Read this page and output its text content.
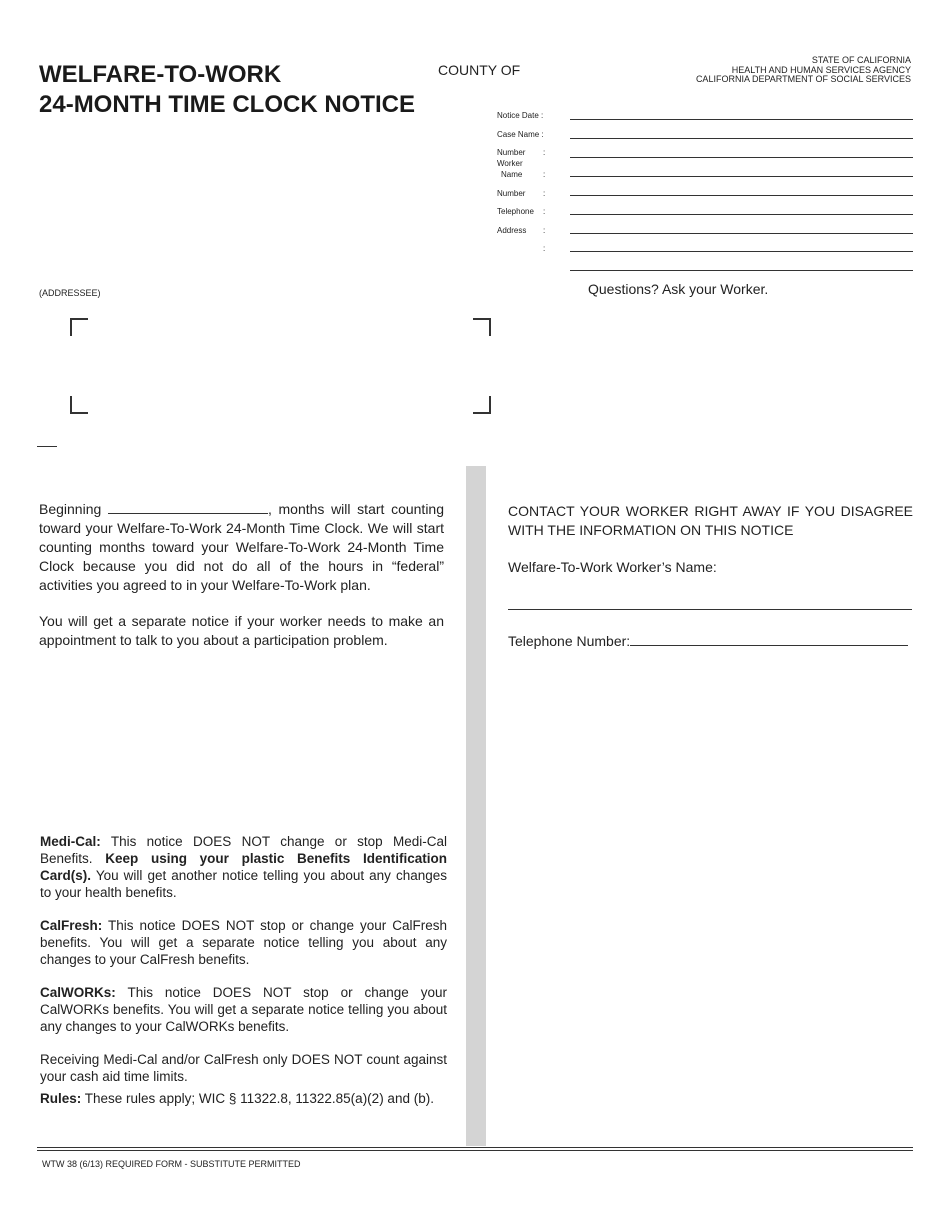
WELFARE-TO-WORK
24-MONTH TIME CLOCK NOTICE
COUNTY OF
STATE OF CALIFORNIA
HEALTH AND HUMAN SERVICES AGENCY
CALIFORNIA DEPARTMENT OF SOCIAL SERVICES
Notice Date :
Case Name :
Number :
Worker
Name	:
Number :
Telephone :
Address :
:
Questions? Ask your Worker.
(ADDRESSEE)
Beginning	, months will start counting toward your Welfare-To-Work 24-Month Time Clock. We will start counting months toward your Welfare-To-Work 24-Month Time Clock because you did not do all of the hours in “federal” activities you agreed to in your Welfare-To-Work plan.
You will get a separate notice if your worker needs to make an appointment to talk to you about a participation problem.
CONTACT YOUR WORKER RIGHT AWAY IF YOU DISAGREE WITH THE INFORMATION ON THIS NOTICE
Welfare-To-Work Worker’s Name:
Telephone Number:

Medi-Cal: This notice DOES NOT change or stop Medi-Cal Benefits. Keep using your plastic Benefits Identification Card(s). You will get another notice telling you about any changes to your health benefits.

CalFresh: This notice DOES NOT stop or change your CalFresh benefits. You will get a separate notice telling you about any changes to your CalFresh benefits.

CalWORKs: This notice DOES NOT stop or change your CalWORKs benefits. You will get a separate notice telling you about any changes to your CalWORKs benefits.

Receiving Medi-Cal and/or CalFresh only DOES NOT count against your cash aid time limits.

Rules: These rules apply; WIC § 11322.8, 11322.85(a)(2) and (b).

WTW 38 (6/13) REQUIRED FORM - SUBSTITUTE PERMITTED
